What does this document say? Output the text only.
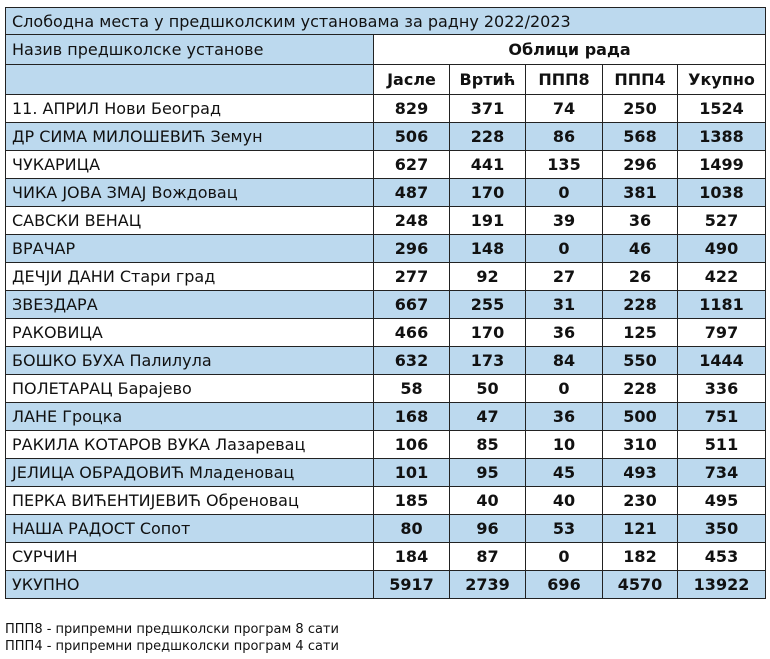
Слободна места у предшколским установама за радну 2022/2023					
Назив предшколске установе	Облици рада				
	Јасле	Вртић	ППП8	ППП4	Укупно
11. АПРИЛ Нови Београд	829	371	74	250	1524
ДР СИМА МИЛОШЕВИЋ Земун	506	228	86	568	1388
ЧУКАРИЦА	627	441	135	296	1499
ЧИКА ЈОВА ЗМАЈ Вождовац	487	170	0	381	1038
САВСКИ ВЕНАЦ	248	191	39	36	527
ВРАЧАР	296	148	0	46	490
ДЕЧЈИ ДАНИ Стари град	277	92	27	26	422
ЗВЕЗДАРА	667	255	31	228	1181
РАКОВИЦА	466	170	36	125	797
БОШКО БУХА Палилула	632	173	84	550	1444
ПОЛЕТАРАЦ Барајево	58	50	0	228	336
ЛАНЕ Гроцка	168	47	36	500	751
РАКИЛА КОТАРОВ ВУКА Лазаревац	106	85	10	310	511
ЈЕЛИЦА ОБРАДОВИЋ Младеновац	101	95	45	493	734
ПЕРКА ВИЋЕНТИЈЕВИЋ Обреновац	185	40	40	230	495
НАША РАДОСТ Сопот	80	96	53	121	350
СУРЧИН	184	87	0	182	453
УКУПНО	5917	2739	696	4570	13922
ППП8 - припремни предшколски програм 8 сати
ППП4 - припремни предшколски програм 4 сати
